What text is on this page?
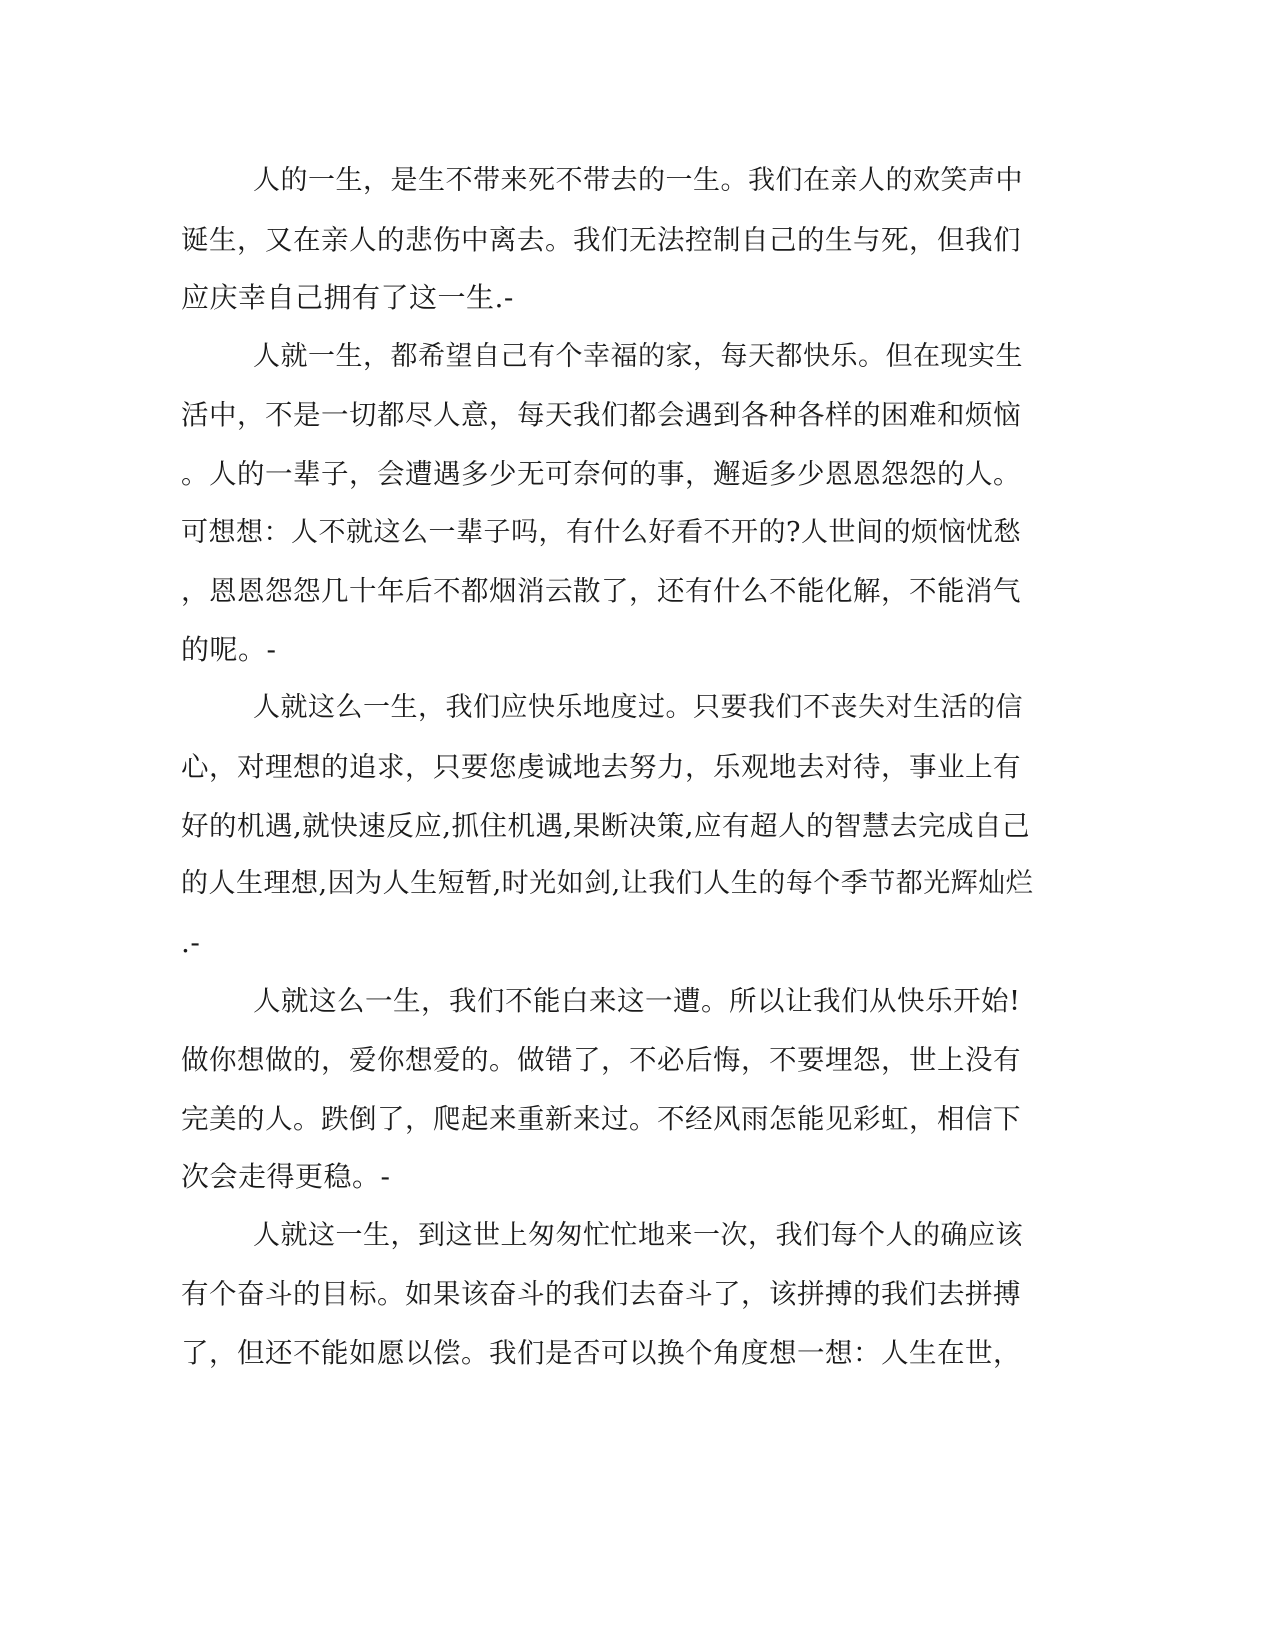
人的一生，是生不带来死不带去的一生。我们在亲人的欢笑声中
诞生，又在亲人的悲伤中离去。我们无法控制自己的生与死，但我们
应庆幸自己拥有了这一生.-
人就一生，都希望自己有个幸福的家，每天都快乐。但在现实生
活中，不是一切都尽人意，每天我们都会遇到各种各样的困难和烦恼
。人的一辈子，会遭遇多少无可奈何的事，邂逅多少恩恩怨怨的人。
可想想：人不就这么一辈子吗，有什么好看不开的?人世间的烦恼忧愁
，恩恩怨怨几十年后不都烟消云散了，还有什么不能化解，不能消气
的呢。-
人就这么一生，我们应快乐地度过。只要我们不丧失对生活的信
心，对理想的追求，只要您虔诚地去努力，乐观地去对待，事业上有
好的机遇,就快速反应,抓住机遇,果断决策,应有超人的智慧去完成自己
的人生理想,因为人生短暂,时光如剑,让我们人生的每个季节都光辉灿烂
.-
人就这么一生，我们不能白来这一遭。所以让我们从快乐开始!
做你想做的，爱你想爱的。做错了，不必后悔，不要埋怨，世上没有
完美的人。跌倒了，爬起来重新来过。不经风雨怎能见彩虹，相信下
次会走得更稳。-
人就这一生，到这世上匆匆忙忙地来一次，我们每个人的确应该
有个奋斗的目标。如果该奋斗的我们去奋斗了，该拼搏的我们去拼搏
了，但还不能如愿以偿。我们是否可以换个角度想一想：人生在世，
